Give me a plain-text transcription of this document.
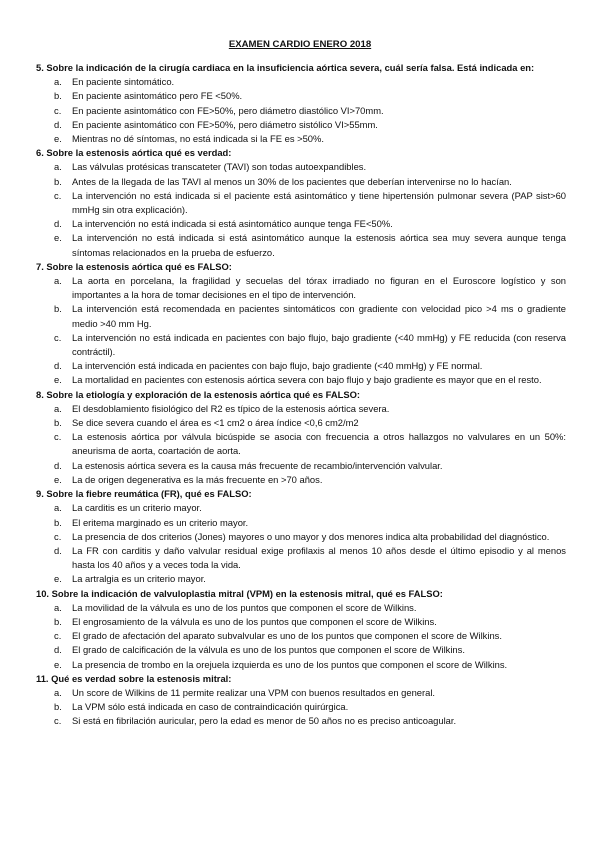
EXAMEN CARDIO ENERO 2018

5. Sobre la indicación de la cirugía cardiaca en la insuficiencia aórtica severa, cuál sería falsa. Está indicada en:

a.	En paciente sintomático.
b.	En paciente asintomático pero FE <50%.
c.	En paciente asintomático con FE>50%, pero diámetro diastólico VI>70mm.
d.	En paciente asintomático con FE>50%, pero diámetro sistólico VI>55mm.
e.	Mientras no dé síntomas, no está indicada si la FE es >50%.

6. Sobre la estenosis aórtica qué es verdad:

a.	Las válvulas protésicas transcateter (TAVI) son todas autoexpandibles.
b.	Antes de la llegada de las TAVI al menos un 30% de los pacientes que deberían intervenirse no lo hacían.
c.	La intervención no está indicada si el paciente está asintomático y tiene hipertensión pulmonar severa (PAP sist>60 mmHg sin otra explicación).
d.	La intervención no está indicada si está asintomático aunque tenga FE<50%.
e.	La intervención no está indicada si está asintomático aunque la estenosis aórtica sea muy severa aunque tenga síntomas relacionados en la prueba de esfuerzo.

7. Sobre la estenosis aórtica qué es FALSO:

a.	La aorta en porcelana, la fragilidad y secuelas del tórax irradiado no figuran en el Euroscore logístico y son importantes a la hora de tomar decisiones en el tipo de intervención.
b.	La intervención está recomendada en pacientes sintomáticos con gradiente con velocidad pico >4 ms o gradiente medio >40 mm Hg.
c.	La intervención no está indicada en pacientes con bajo flujo, bajo gradiente (<40 mmHg) y FE reducida (con reserva contráctil).
d.	La intervención está indicada en pacientes con bajo flujo, bajo gradiente (<40 mmHg) y FE normal.
e.	La mortalidad en pacientes con estenosis aórtica severa con bajo flujo y bajo gradiente es mayor que en el resto.

8. Sobre la etiología y exploración de la estenosis aórtica qué es FALSO:

a.	El desdoblamiento fisiológico del R2 es típico de la estenosis aórtica severa.
b.	Se dice severa cuando el área es <1 cm2 o área índice <0,6 cm2/m2
c.	La estenosis aórtica por válvula bicúspide se asocia con frecuencia a otros hallazgos no valvulares en un 50%: aneurisma de aorta, coartación de aorta.
d.	La estenosis aórtica severa es la causa más frecuente de recambio/intervención valvular.
e.	La de origen degenerativa es la más frecuente en >70 años.

9. Sobre la fiebre reumática (FR), qué es FALSO:

a.	La carditis es un criterio mayor.
b.	El eritema marginado es un criterio mayor.
c.	La presencia de dos criterios (Jones) mayores o uno mayor y dos menores indica alta probabilidad del diagnóstico.
d.	La FR con carditis y daño valvular residual exige profilaxis al menos 10 años desde el último episodio y al menos hasta los 40 años y a veces toda la vida.
e.	La artralgia es un criterio mayor.

10. Sobre la indicación de valvuloplastia mitral (VPM) en la estenosis mitral, qué es FALSO:

a.	La movilidad de la válvula es uno de los puntos que componen el score de Wilkins.
b.	El engrosamiento de la válvula es uno de los puntos que componen el score de Wilkins.
c.	El grado de afectación del aparato subvalvular es uno de los puntos que componen el score de Wilkins.
d.	El grado de calcificación de la válvula es uno de los puntos que componen el score de Wilkins.
e.	La presencia de trombo en la orejuela izquierda es uno de los puntos que componen el score de Wilkins.

11. Qué es verdad sobre la estenosis mitral:

a.	Un score de Wilkins de 11 permite realizar una VPM con buenos resultados en general.
b.	La VPM sólo está indicada en caso de contraindicación quirúrgica.
c.	Si está en fibrilación auricular, pero la edad es menor de 50 años no es preciso anticoagular.
